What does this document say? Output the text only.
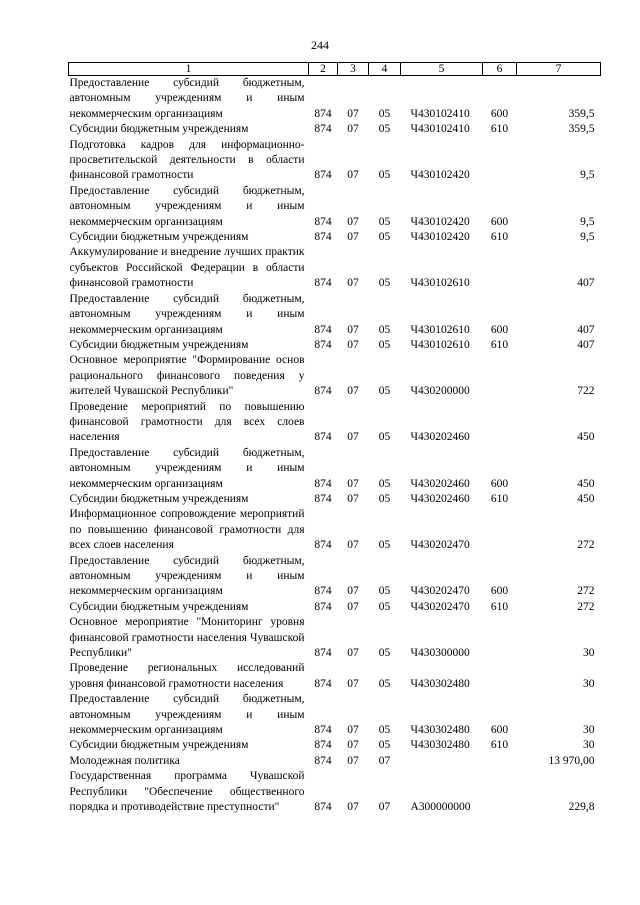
244
1	2	3	4	5	6	7
Предоставление субсидий бюджетным, автономным учреждениям и иным некоммерческим организациям	874	07	05	Ч430102410	600	359,5
Субсидии бюджетным учреждениям	874	07	05	Ч430102410	610	359,5
Подготовка кадров для информационно-просветительской деятельности в области финансовой грамотности	874	07	05	Ч430102420		9,5
Предоставление субсидий бюджетным, автономным учреждениям и иным некоммерческим организациям	874	07	05	Ч430102420	600	9,5
Субсидии бюджетным учреждениям	874	07	05	Ч430102420	610	9,5
Аккумулирование и внедрение лучших практик субъектов Российской Федерации в области финансовой грамотности	874	07	05	Ч430102610		407
Предоставление субсидий бюджетным, автономным учреждениям и иным некоммерческим организациям	874	07	05	Ч430102610	600	407
Субсидии бюджетным учреждениям	874	07	05	Ч430102610	610	407
Основное мероприятие "Формирование основ рационального финансового поведения у жителей Чувашской Республики"	874	07	05	Ч430200000		722
Проведение мероприятий по повышению финансовой грамотности для всех слоев населения	874	07	05	Ч430202460		450
Предоставление субсидий бюджетным, автономным учреждениям и иным некоммерческим организациям	874	07	05	Ч430202460	600	450
Субсидии бюджетным учреждениям	874	07	05	Ч430202460	610	450
Информационное сопровождение мероприятий по повышению финансовой грамотности для всех слоев населения	874	07	05	Ч430202470		272
Предоставление субсидий бюджетным, автономным учреждениям и иным некоммерческим организациям	874	07	05	Ч430202470	600	272
Субсидии бюджетным учреждениям	874	07	05	Ч430202470	610	272
Основное мероприятие "Мониторинг уровня финансовой грамотности населения Чувашской Республики"	874	07	05	Ч430300000		30
Проведение региональных исследований уровня финансовой грамотности населения	874	07	05	Ч430302480		30
Предоставление субсидий бюджетным, автономным учреждениям и иным некоммерческим организациям	874	07	05	Ч430302480	600	30
Субсидии бюджетным учреждениям	874	07	05	Ч430302480	610	30
Молодежная политика	874	07	07			13 970,00
Государственная программа Чувашской Республики "Обеспечение общественного порядка и противодействие преступности"	874	07	07	А300000000		229,8
